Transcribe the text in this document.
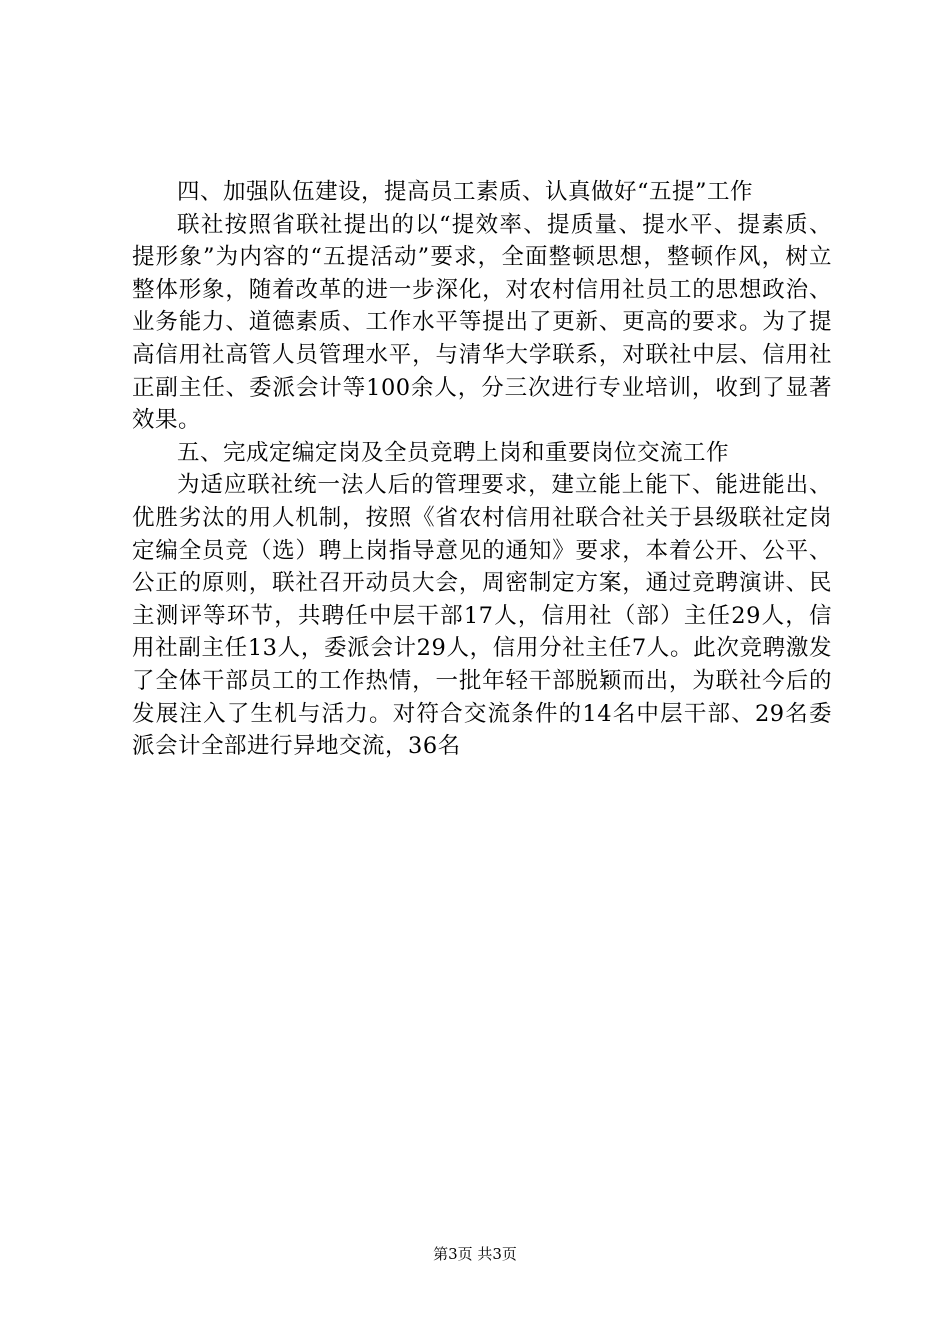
四、加强队伍建设，提高员工素质、认真做好“五提”工作

联社按照省联社提出的以“提效率、提质量、提水平、提素质、提形象”为内容的“五提活动”要求，全面整顿思想，整顿作风，树立整体形象，随着改革的进一步深化，对农村信用社员工的思想政治、业务能力、道德素质、工作水平等提出了更新、更高的要求。为了提高信用社高管人员管理水平，与清华大学联系，对联社中层、信用社正副主任、委派会计等100余人，分三次进行专业培训，收到了显著效果。

五、完成定编定岗及全员竞聘上岗和重要岗位交流工作

为适应联社统一法人后的管理要求，建立能上能下、能进能出、优胜劣汰的用人机制，按照《省农村信用社联合社关于县级联社定岗定编全员竞（选）聘上岗指导意见的通知》要求，本着公开、公平、公正的原则，联社召开动员大会，周密制定方案，通过竞聘演讲、民主测评等环节，共聘任中层干部17人，信用社（部）主任29人，信用社副主任13人，委派会计29人，信用分社主任7人。此次竞聘激发了全体干部员工的工作热情，一批年轻干部脱颖而出，为联社今后的发展注入了生机与活力。对符合交流条件的14名中层干部、29名委派会计全部进行异地交流，36名

第3页 共3页
